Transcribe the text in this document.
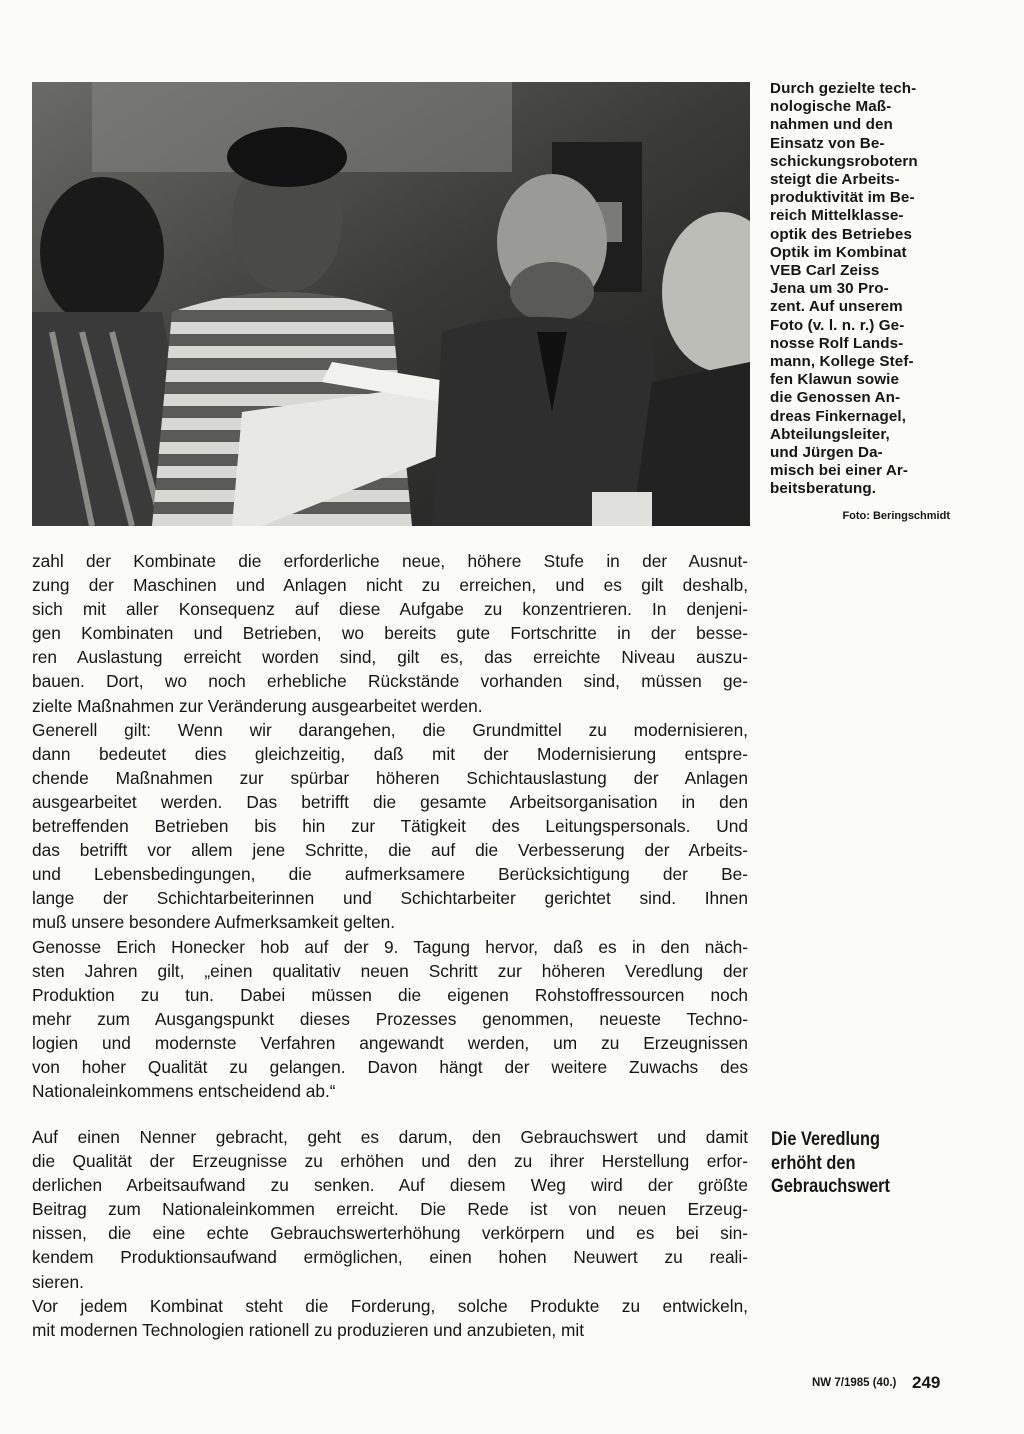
Durch gezielte tech-
nologische Maß-
nahmen und den
Einsatz von Be-
schickungsrobotern
steigt die Arbeits-
produktivität im Be-
reich Mittelklasse-
optik des Betriebes
Optik im Kombinat
VEB Carl Zeiss
Jena um 30 Pro-
zent. Auf unserem
Foto (v. l. n. r.) Ge-
nosse Rolf Lands-
mann, Kollege Stef-
fen Klawun sowie
die Genossen An-
dreas Finkernagel,
Abteilungsleiter,
und Jürgen Da-
misch bei einer Ar-
beitsberatung.
Foto: Beringschmidt
zahl der Kombinate die erforderliche neue, höhere Stufe in der Ausnut-
zung der Maschinen und Anlagen nicht zu erreichen, und es gilt deshalb,
sich mit aller Konsequenz auf diese Aufgabe zu konzentrieren. In denjeni-
gen Kombinaten und Betrieben, wo bereits gute Fortschritte in der besse-
ren Auslastung erreicht worden sind, gilt es, das erreichte Niveau auszu-
bauen. Dort, wo noch erhebliche Rückstände vorhanden sind, müssen ge-
zielte Maßnahmen zur Veränderung ausgearbeitet werden.
Generell gilt: Wenn wir darangehen, die Grundmittel zu modernisieren,
dann bedeutet dies gleichzeitig, daß mit der Modernisierung entspre-
chende Maßnahmen zur spürbar höheren Schichtauslastung der Anlagen
ausgearbeitet werden. Das betrifft die gesamte Arbeitsorganisation in den
betreffenden Betrieben bis hin zur Tätigkeit des Leitungspersonals. Und
das betrifft vor allem jene Schritte, die auf die Verbesserung der Arbeits-
und Lebensbedingungen, die aufmerksamere Berücksichtigung der Be-
lange der Schichtarbeiterinnen und Schichtarbeiter gerichtet sind. Ihnen
muß unsere besondere Aufmerksamkeit gelten.
Genosse Erich Honecker hob auf der 9. Tagung hervor, daß es in den näch-
sten Jahren gilt, „einen qualitativ neuen Schritt zur höheren Veredlung der
Produktion zu tun. Dabei müssen die eigenen Rohstoffressourcen noch
mehr zum Ausgangspunkt dieses Prozesses genommen, neueste Techno-
logien und modernste Verfahren angewandt werden, um zu Erzeugnissen
von hoher Qualität zu gelangen. Davon hängt der weitere Zuwachs des
Nationaleinkommens entscheidend ab.“
Auf einen Nenner gebracht, geht es darum, den Gebrauchswert und damit
die Qualität der Erzeugnisse zu erhöhen und den zu ihrer Herstellung erfor-
derlichen Arbeitsaufwand zu senken. Auf diesem Weg wird der größte
Beitrag zum Nationaleinkommen erreicht. Die Rede ist von neuen Erzeug-
nissen, die eine echte Gebrauchswerterhöhung verkörpern und es bei sin-
kendem Produktionsaufwand ermöglichen, einen hohen Neuwert zu reali-
sieren.
Vor jedem Kombinat steht die Forderung, solche Produkte zu entwickeln,
mit modernen Technologien rationell zu produzieren und anzubieten, mit
Die Veredlung
erhöht den
Gebrauchswert
NW 7/1985 (40.) 249
